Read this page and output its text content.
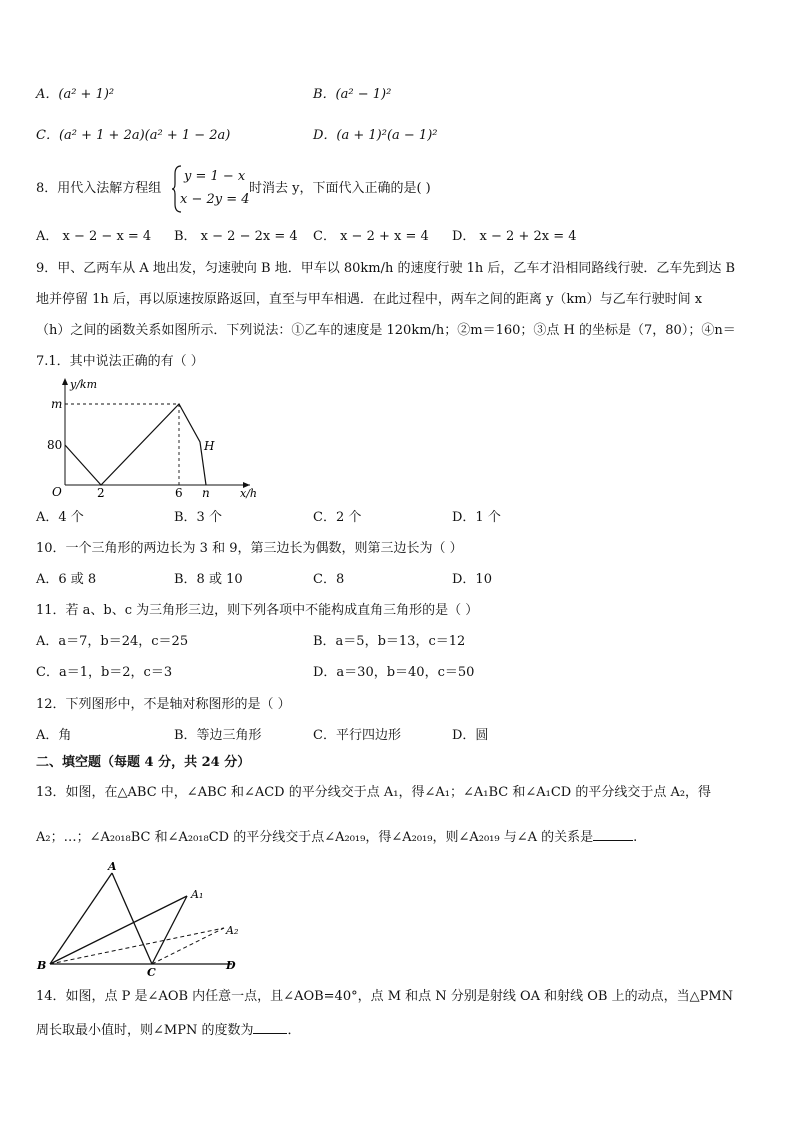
A．(a² + 1)²	B．(a² − 1)²
C．(a² + 1 + 2a)(a² + 1 − 2a)	D．(a + 1)²(a − 1)²
8．用代入法解方程组
y = 1 − x
x − 2y = 4
时消去 y，下面代入正确的是( )
A． x − 2 − x = 4 B． x − 2 − 2x = 4 C． x − 2 + x = 4 D． x − 2 + 2x = 4
9．甲、乙两车从 A 地出发，匀速驶向 B 地．甲车以 80km/h 的速度行驶 1h 后，乙车才沿相同路线行驶．乙车先到达 B
地并停留 1h 后，再以原速按原路返回，直至与甲车相遇．在此过程中，两车之间的距离 y（km）与乙车行驶时间 x
（h）之间的函数关系如图所示．下列说法：①乙车的速度是 120km/h；②m＝160；③点 H 的坐标是（7，80）；④n＝
7.1．其中说法正确的有（ ）
y/km
x/h
O
m
80
2	6 n
H
A．4 个	B．3 个	C．2 个	D．1 个
10．一个三角形的两边长为 3 和 9，第三边长为偶数，则第三边长为（ ）
A．6 或 8	B．8 或 10	C．8	D．10
11．若 a、b、c 为三角形三边，则下列各项中不能构成直角三角形的是（ ）
A．a＝7，b＝24，c＝25	B．a＝5，b＝13，c＝12
C．a＝1，b＝2，c＝3	D．a＝30，b＝40，c＝50
12．下列图形中，不是轴对称图形的是（ ）
A．角	B．等边三角形	C．平行四边形	D．圆
二、填空题（每题 4 分，共 24 分）
13．如图，在△ABC 中，∠ABC 和∠ACD 的平分线交于点 A₁，得∠A₁；∠A₁BC 和∠A₁CD 的平分线交于点 A₂，得
A₂；…；∠A₂₀₁₈BC 和∠A₂₀₁₈CD 的平分线交于点∠A₂₀₁₉，得∠A₂₀₁₉，则∠A₂₀₁₉ 与∠A 的关系是	.
A
A₁
A₂
B
C
D
14．如图，点 P 是∠AOB 内任意一点，且∠AOB=40°，点 M 和点 N 分别是射线 OA 和射线 OB 上的动点，当△PMN
周长取最小值时，则∠MPN 的度数为	．
